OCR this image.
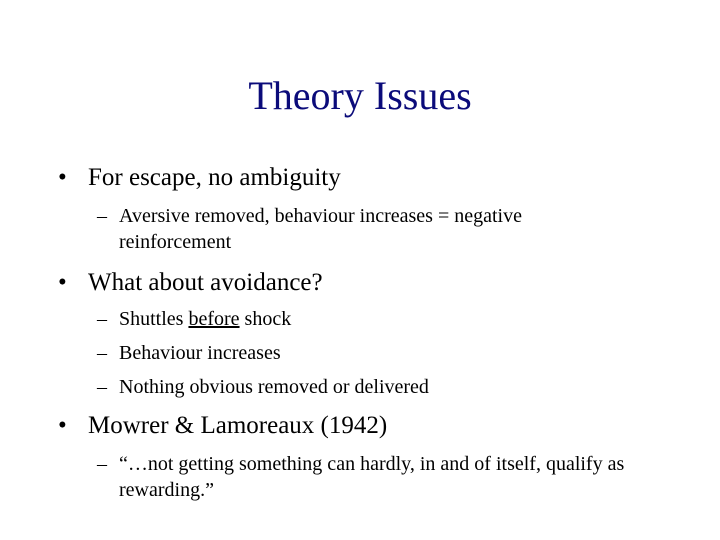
Theory Issues
• For escape, no ambiguity
– Aversive removed, behaviour increases = negative reinforcement
• What about avoidance?
– Shuttles before shock
– Behaviour increases
– Nothing obvious removed or delivered
• Mowrer & Lamoreaux (1942)
– “…not getting something can hardly, in and of itself, qualify as rewarding.”
